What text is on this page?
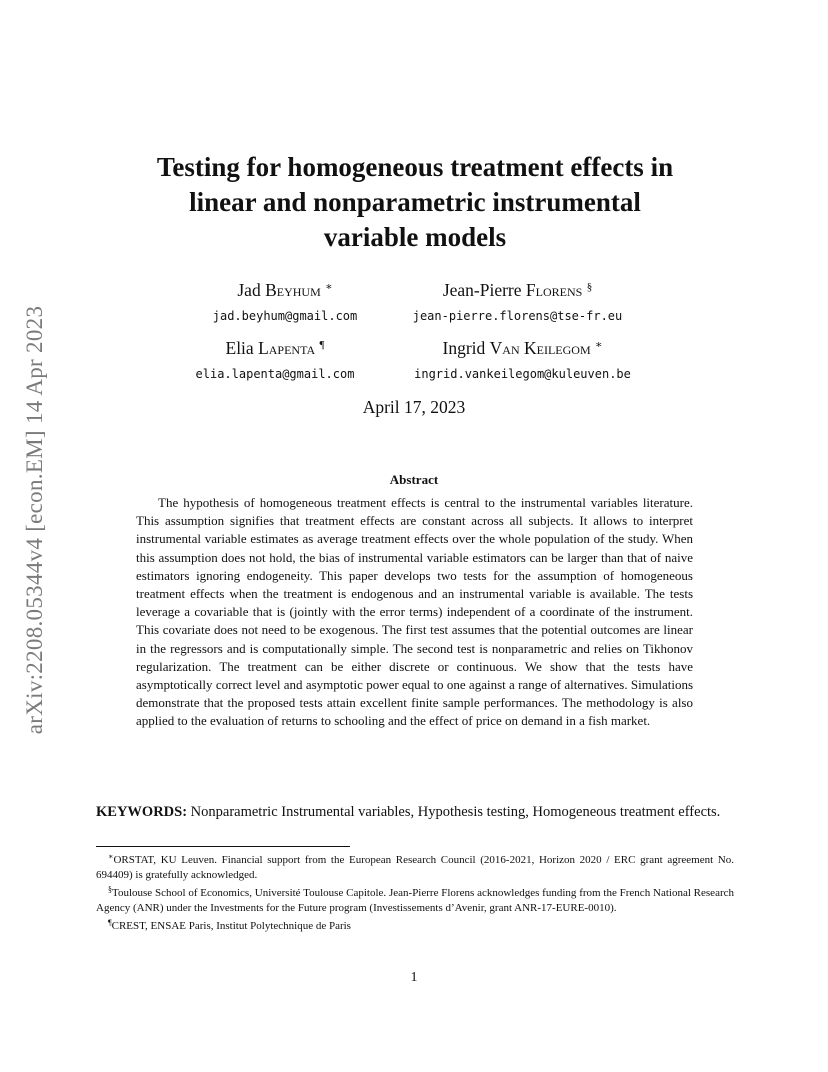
arXiv:2208.05344v4 [econ.EM] 14 Apr 2023
Testing for homogeneous treatment effects in
linear and nonparametric instrumental
variable models
Jad Beyhum ∗
jad.beyhum@gmail.com
Jean-Pierre Florens §
jean-pierre.florens@tse-fr.eu
Elia Lapenta ¶
elia.lapenta@gmail.com
Ingrid Van Keilegom ∗
ingrid.vankeilegom@kuleuven.be
April 17, 2023
Abstract
The hypothesis of homogeneous treatment effects is central to the instrumental variables literature. This assumption signifies that treatment effects are constant across all subjects. It allows to interpret instrumental variable estimates as average treatment effects over the whole population of the study. When this assumption does not hold, the bias of instrumental variable estimators can be larger than that of naive estimators ignoring endogeneity. This paper develops two tests for the assumption of homogeneous treatment effects when the treatment is endogenous and an instrumental variable is available. The tests leverage a covariable that is (jointly with the error terms) independent of a coordinate of the instrument. This covariate does not need to be exogenous. The first test assumes that the potential outcomes are linear in the regressors and is computationally simple. The second test is nonparametric and relies on Tikhonov regularization. The treatment can be either discrete or continuous. We show that the tests have asymptotically correct level and asymptotic power equal to one against a range of alternatives. Simulations demonstrate that the proposed tests attain excellent finite sample performances. The methodology is also applied to the evaluation of returns to schooling and the effect of price on demand in a fish market.
KEYWORDS: Nonparametric Instrumental variables, Hypothesis testing, Homogeneous treatment effects.

∗ORSTAT, KU Leuven. Financial support from the European Research Council (2016-2021, Horizon 2020 / ERC grant agreement No. 694409) is gratefully acknowledged.

§Toulouse School of Economics, Université Toulouse Capitole. Jean-Pierre Florens acknowledges funding from the French National Research Agency (ANR) under the Investments for the Future program (Investissements d’Avenir, grant ANR-17-EURE-0010).

¶CREST, ENSAE Paris, Institut Polytechnique de Paris

1
